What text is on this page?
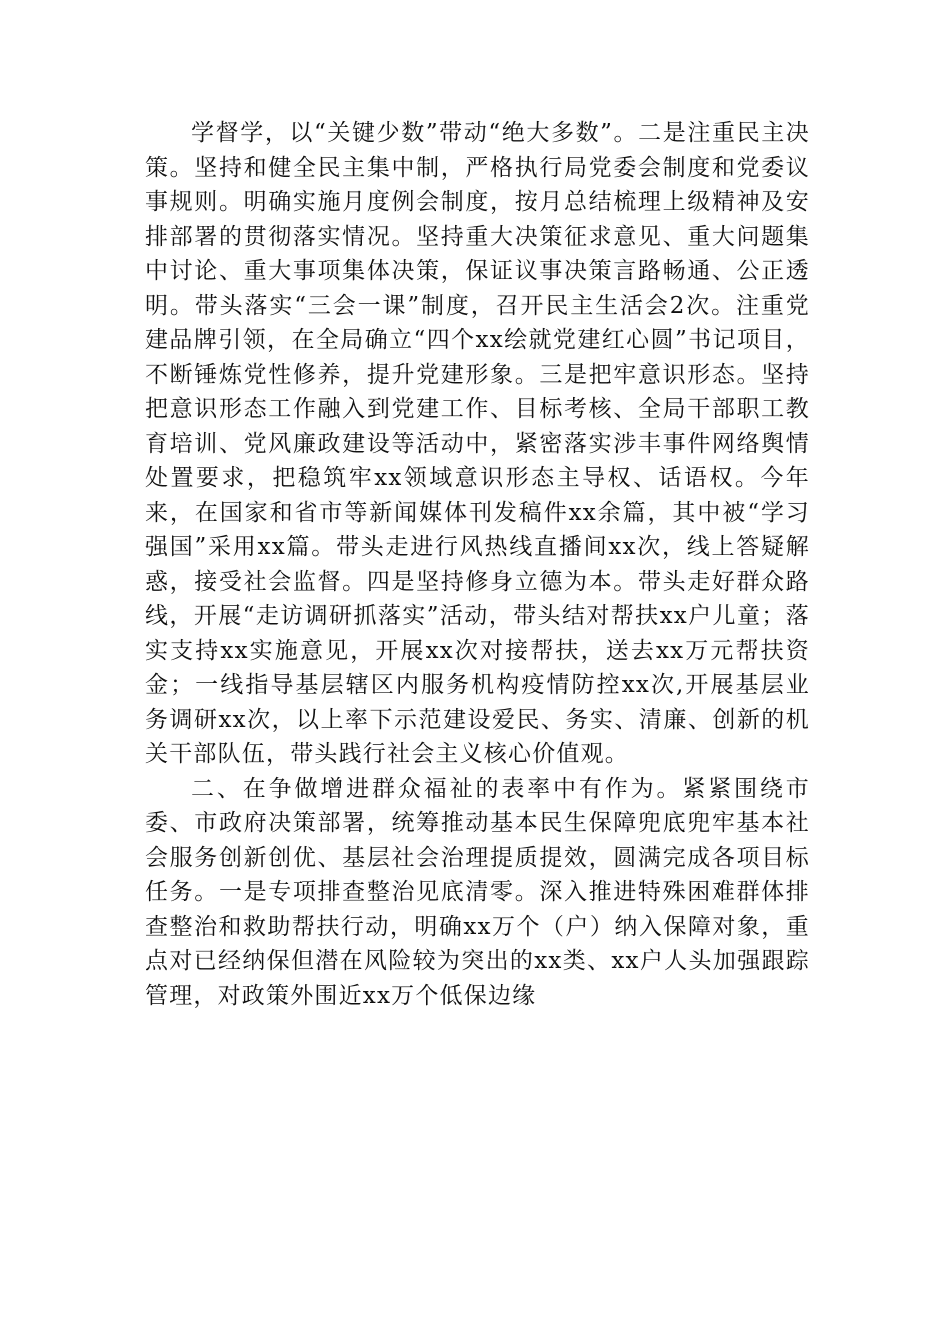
学督学，以“关键少数”带动“绝大多数”。二是注重民主决策。坚持和健全民主集中制，严格执行局党委会制度和党委议事规则。明确实施月度例会制度，按月总结梳理上级精神及安排部署的贯彻落实情况。坚持重大决策征求意见、重大问题集中讨论、重大事项集体决策，保证议事决策言路畅通、公正透明。带头落实“三会一课”制度，召开民主生活会2次。注重党建品牌引领，在全局确立“四个xx绘就党建红心圆”书记项目，不断锤炼党性修养，提升党建形象。三是把牢意识形态。坚持把意识形态工作融入到党建工作、目标考核、全局干部职工教育培训、党风廉政建设等活动中，紧密落实涉丰事件网络舆情处置要求，把稳筑牢xx领域意识形态主导权、话语权。今年来，在国家和省市等新闻媒体刊发稿件xx余篇，其中被“学习强国”采用xx篇。带头走进行风热线直播间xx次，线上答疑解惑，接受社会监督。四是坚持修身立德为本。带头走好群众路线，开展“走访调研抓落实”活动，带头结对帮扶xx户儿童；落实支持xx实施意见，开展xx次对接帮扶，送去xx万元帮扶资金；一线指导基层辖区内服务机构疫情防控xx次,开展基层业务调研xx次，以上率下示范建设爱民、务实、清廉、创新的机关干部队伍，带头践行社会主义核心价值观。

二、在争做增进群众福祉的表率中有作为。紧紧围绕市委、市政府决策部署，统筹推动基本民生保障兜底兜牢基本社会服务创新创优、基层社会治理提质提效，圆满完成各项目标任务。一是专项排查整治见底清零。深入推进特殊困难群体排查整治和救助帮扶行动，明确xx万个（户）纳入保障对象，重点对已经纳保但潜在风险较为突出的xx类、xx户人头加强跟踪管理，对政策外围近xx万个低保边缘
